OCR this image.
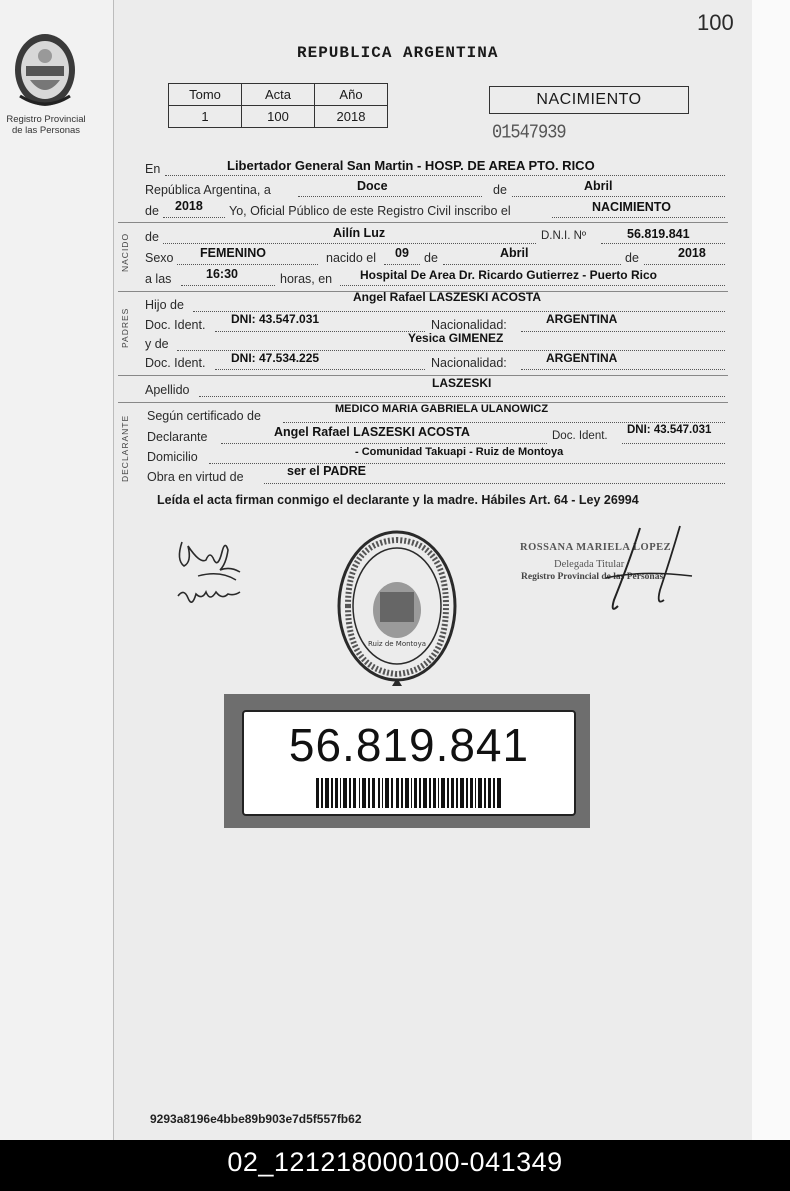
100
Registro Provincial
de las Personas
REPUBLICA ARGENTINA
Tomo	Acta	Año
1	100	2018
NACIMIENTO
01547939
En	Libertador General San Martin - HOSP. DE AREA PTO. RICO
República Argentina, a	Doce	de	Abril
de 2018 Yo, Oficial Público de este Registro Civil inscribo el	NACIMIENTO
NACIDO de	Ailín Luz	D.N.I. Nº	56.819.841
Sexo FEMENINO	nacido el 09 de	Abril	de	2018
a las	16:30	horas, en Hospital De Area Dr. Ricardo Gutierrez - Puerto Rico
PADRES
Hijo de
Angel Rafael LASZESKI ACOSTA
Doc. Ident. DNI: 43.547.031	Nacionalidad:	ARGENTINA
y de	Yesica GIMENEZ
Doc. Ident. DNI: 47.534.225	Nacionalidad:	ARGENTINA
Apellido	LASZESKI
DECLARANTE Según certificado de	MEDICO MARIA GABRIELA ULANOWICZ
Declarante	Angel Rafael LASZESKI ACOSTA	Doc. Ident. DNI: 43.547.031
Domicilio	- Comunidad Takuapi - Ruiz de Montoya
Obra en virtud de	ser el PADRE
Leída el acta firman conmigo el declarante y la madre. Hábiles Art. 64 - Ley 26994
Ruiz de Montoya
ROSSANA MARIELA LOPEZ
Delegada Titular
Registro Provincial de las Personas
56.819.841
9293a8196e4bbe89b903e7d5f557fb62
02_121218000100-041349
